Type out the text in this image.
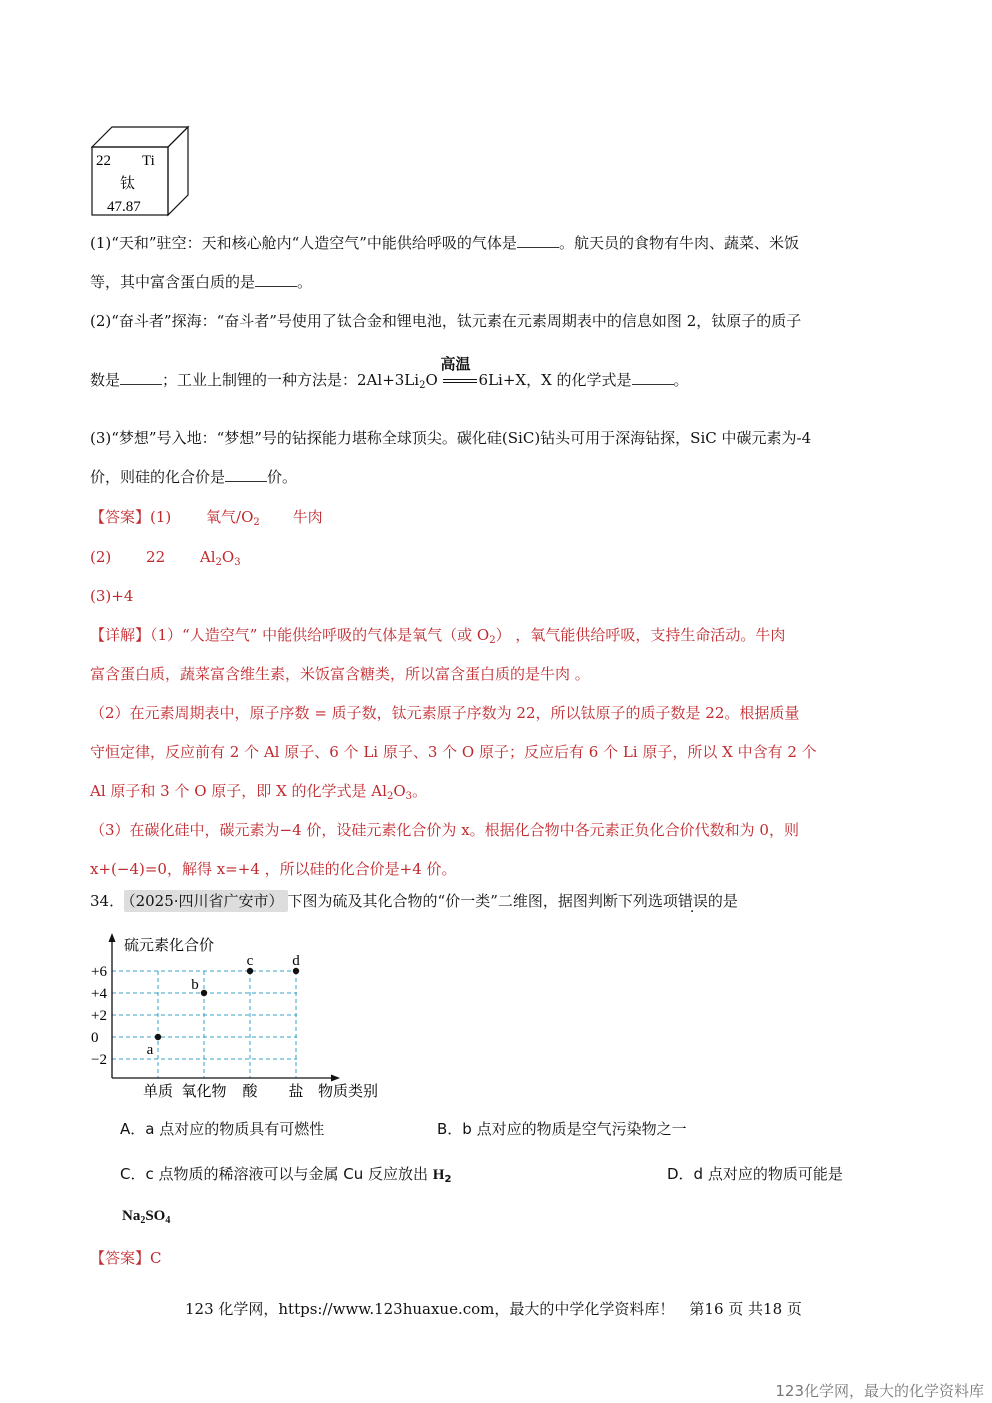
22 Ti
钛
47.87
(1)“天和”驻空：天和核心舱内“人造空气”中能供给呼吸的气体是	。航天员的食物有牛肉、蔬菜、米饭
等，其中富含蛋白质的是	。
(2)“奋斗者”探海：“奋斗者”号使用了钛合金和锂电池，钛元素在元素周期表中的信息如图 2，钛原子的质子
数是	；工业上制锂的一种方法是：$2Al+3Li_2O$
高温
6Li+X，X 的化学式是	。
(3)“梦想”号入地：“梦想”号的钻探能力堪称全球顶尖。碳化硅(SiC)钻头可用于深海钻探，SiC 中碳元素为-4
价，则硅的化合价是	价。
【答案】(1) 氧气$/O_2$ 牛肉
(2) 22 $Al_2O_3$
(3)+4
【详解】（1）“人造空气” 中能供给呼吸的气体是氧气（或 $O_2$） ，氧气能供给呼吸，支持生命活动。牛肉
富含蛋白质，蔬菜富含维生素，米饭富含糖类，所以富含蛋白质的是牛肉 。
（2）在元素周期表中，原子序数 = 质子数，钛元素原子序数为 22，所以钛原子的质子数是 22。根据质量
守恒定律，反应前有 2 个 Al 原子、6 个 Li 原子、3 个 O 原子；反应后有 6 个 Li 原子，所以 X 中含有 2 个
Al 原子和 3 个 O 原子，即 X 的化学式是 $Al_2O_3$。
（3）在碳化硅中，碳元素为−4 价，设硅元素化合价为 x。根据化合物中各元素正负化合价代数和为 0，则
x+(−4)=0，解得 x=+4 ，所以硅的化合价是+4 价。
34． （2025·四川省广安市） 下图为硫及其化合物的“价一类”二维图，据图判断下列选项错误的是
硫元素化合价
物质类别
+6
+4
+2
0
−2
单质 氧化物 酸 盐
a
b
c	d
A．a 点对应的物质具有可燃性	B．b 点对应的物质是空气污染物之一
C．c 点物质的稀溶液可以与金属 Cu 反应放出 $H_2$	D．d 点对应的物质可能是
$Na_2SO_4$
【答案】C
123 化学网，https://www.123huaxue.com，最大的中学化学资料库！　第16 页 共18 页
123化学网，最大的化学资料库
